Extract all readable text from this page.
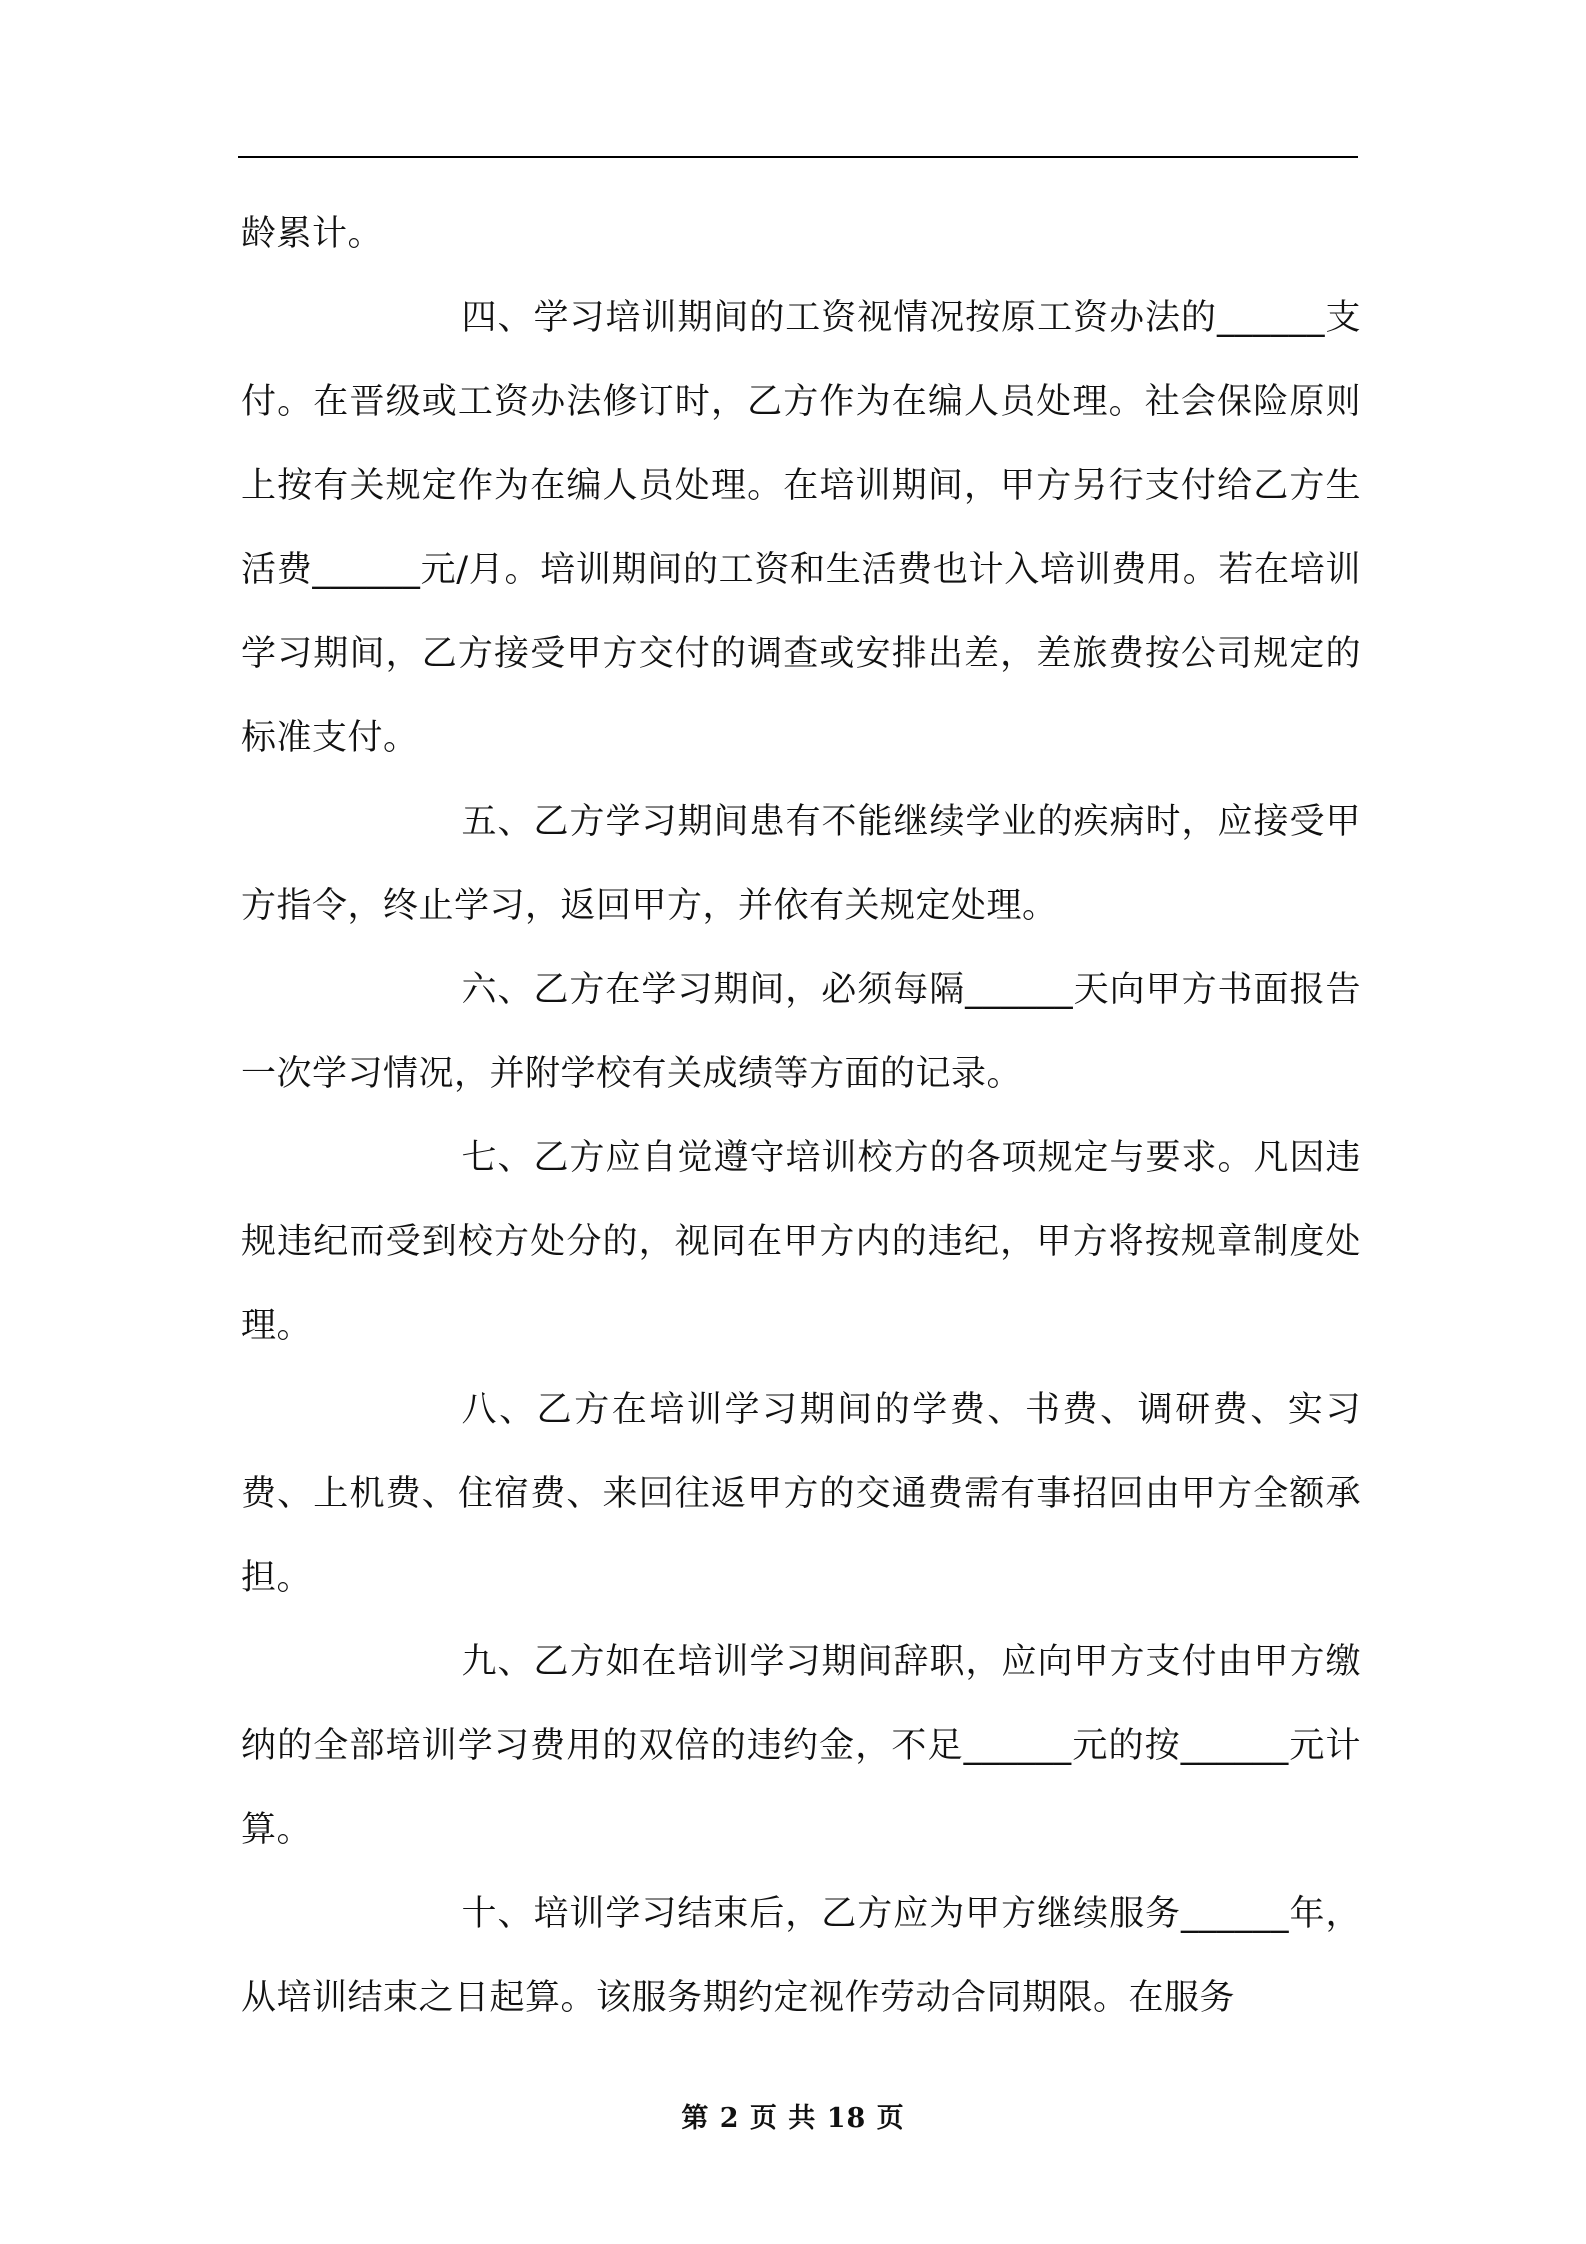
龄累计。

四、学习培训期间的工资视情况按原工资办法的______支付。在晋级或工资办法修订时，乙方作为在编人员处理。社会保险原则上按有关规定作为在编人员处理。在培训期间，甲方另行支付给乙方生活费______元/月。培训期间的工资和生活费也计入培训费用。若在培训学习期间，乙方接受甲方交付的调查或安排出差，差旅费按公司规定的标准支付。

五、乙方学习期间患有不能继续学业的疾病时，应接受甲方指令，终止学习，返回甲方，并依有关规定处理。

六、乙方在学习期间，必须每隔______天向甲方书面报告一次学习情况，并附学校有关成绩等方面的记录。

七、乙方应自觉遵守培训校方的各项规定与要求。凡因违规违纪而受到校方处分的，视同在甲方内的违纪，甲方将按规章制度处理。

八、乙方在培训学习期间的学费、书费、调研费、实习费、上机费、住宿费、来回往返甲方的交通费需有事招回由甲方全额承担。

九、乙方如在培训学习期间辞职，应向甲方支付由甲方缴纳的全部培训学习费用的双倍的违约金，不足______元的按______元计算。

十、培训学习结束后，乙方应为甲方继续服务______年，从培训结束之日起算。该服务期约定视作劳动合同期限。在服务

第 2 页 共 18 页
